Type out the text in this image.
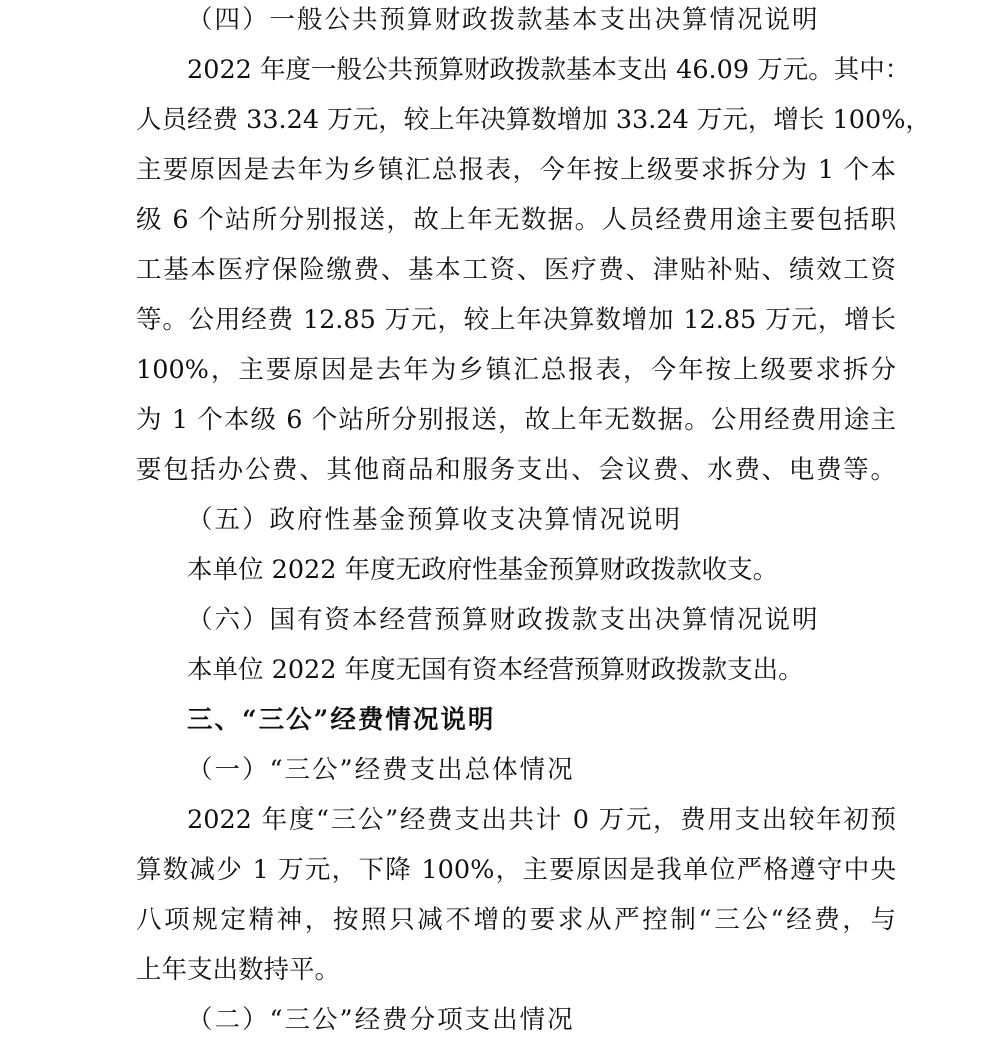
（四）一般公共预算财政拨款基本支出决算情况说明
2022 年度一般公共预算财政拨款基本支出 46.09 万元。其中：
人员经费 33.24 万元，较上年决算数增加 33.24 万元，增长 100%，
主要原因是去年为乡镇汇总报表，今年按上级要求拆分为 1 个本
级 6 个站所分别报送，故上年无数据。人员经费用途主要包括职
工基本医疗保险缴费、基本工资、医疗费、津贴补贴、绩效工资
等。公用经费 12.85 万元，较上年决算数增加 12.85 万元，增长
100%，主要原因是去年为乡镇汇总报表，今年按上级要求拆分
为 1 个本级 6 个站所分别报送，故上年无数据。公用经费用途主
要包括办公费、其他商品和服务支出、会议费、水费、电费等。
（五）政府性基金预算收支决算情况说明
本单位 2022 年度无政府性基金预算财政拨款收支。
（六）国有资本经营预算财政拨款支出决算情况说明
本单位 2022 年度无国有资本经营预算财政拨款支出。
三、“三公”经费情况说明
（一）“三公”经费支出总体情况
2022 年度“三公”经费支出共计 0 万元，费用支出较年初预
算数减少 1 万元，下降 100%，主要原因是我单位严格遵守中央
八项规定精神，按照只减不增的要求从严控制“三公“经费，与
上年支出数持平。
（二）“三公”经费分项支出情况
